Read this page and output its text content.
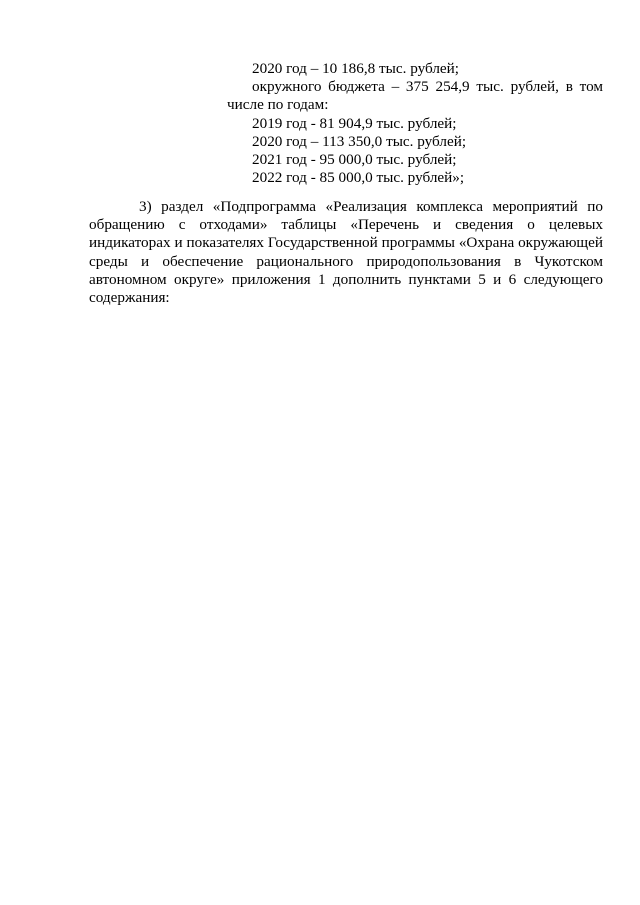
2020 год – 10 186,8 тыс. рублей;
окружного бюджета – 375 254,9 тыс. рублей, в том числе по годам:
2019 год - 81 904,9 тыс. рублей;
2020 год – 113 350,0 тыс. рублей;
2021 год - 95 000,0 тыс. рублей;
2022 год - 85 000,0 тыс. рублей»;
3) раздел «Подпрограмма «Реализация комплекса мероприятий по обращению с отходами» таблицы «Перечень и сведения о целевых индикаторах и показателях Государственной программы «Охрана окружающей среды и обеспечение рационального природопользования в Чукотском автономном округе» приложения 1 дополнить пунктами 5 и 6 следующего содержания:
